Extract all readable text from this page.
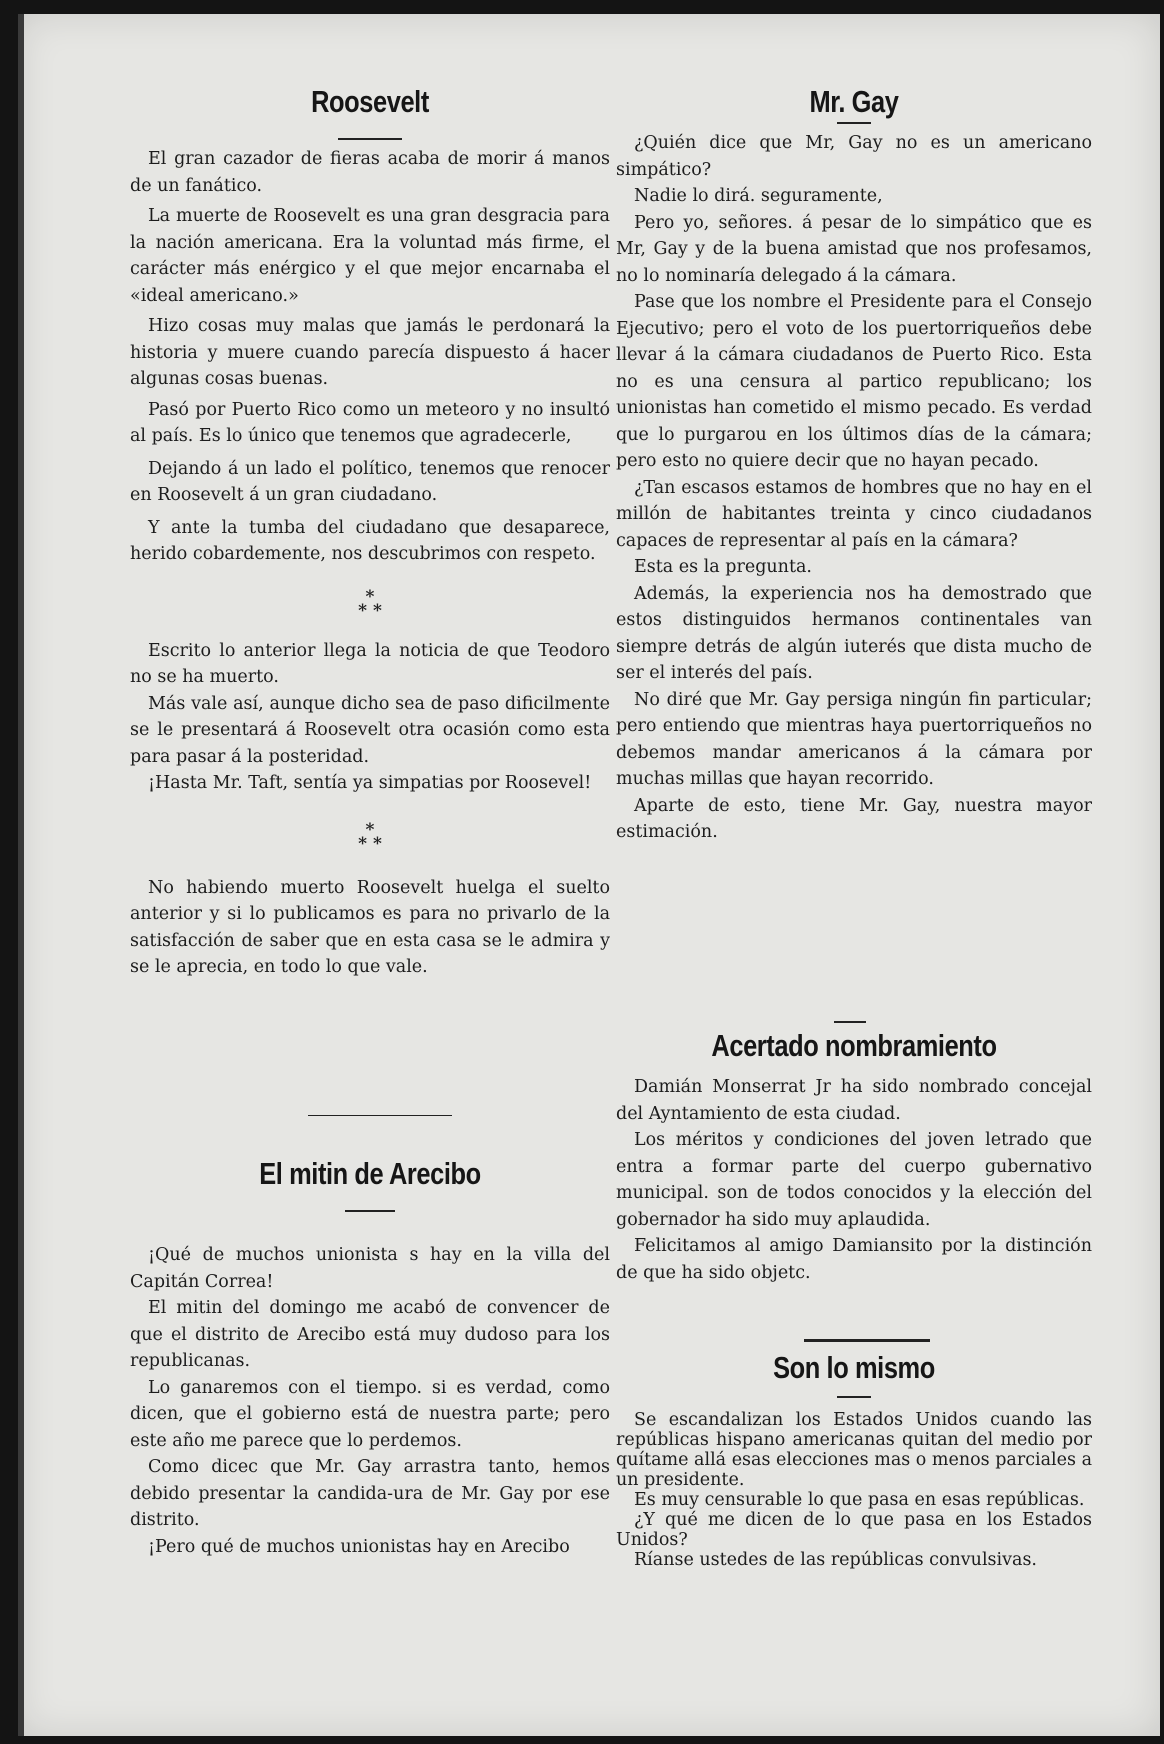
Roosevelt

El gran cazador de fieras acaba de morir á manos de un fanático.

La muerte de Roosevelt es una gran desgracia para la nación americana. Era la voluntad más firme, el carácter más enérgico y el que mejor encarnaba el «ideal americano.»

Hizo cosas muy malas que jamás le perdonará la historia y muere cuando parecía dispuesto á hacer algunas cosas buenas.

Pasó por Puerto Rico como un meteoro y no insultó al país. Es lo único que tenemos que agradecerle,

Dejando á un lado el político, tenemos que renocer en Roosevelt á un gran ciudadano.

Y ante la tumba del ciudadano que desaparece, herido cobardemente, nos descubrimos con respeto.

*
* *

Escrito lo anterior llega la noticia de que Teodoro no se ha muerto.

Más vale así, aunque dicho sea de paso dificilmente se le presentará á Roosevelt otra ocasión como esta para pasar á la posteridad.

¡Hasta Mr. Taft, sentía ya simpatias por Roosevel!

*
* *

No habiendo muerto Roosevelt huelga el suelto anterior y si lo publicamos es para no privarlo de la satisfacción de saber que en esta casa se le admira y se le aprecia, en todo lo que vale.

El mitin de Arecibo

¡Qué de muchos unionista s hay en la villa del Capitán Correa!

El mitin del domingo me acabó de convencer de que el distrito de Arecibo está muy dudoso para los republicanas.

Lo ganaremos con el tiempo. si es verdad, como dicen, que el gobierno está de nuestra parte; pero este año me parece que lo perdemos.

Como dicec que Mr. Gay arrastra tanto, hemos debido presentar la candida-ura de Mr. Gay por ese distrito.

¡Pero qué de muchos unionistas hay en Arecibo

Mr. Gay

¿Quién dice que Mr, Gay no es un americano simpático?

Nadie lo dirá. seguramente,

Pero yo, señores. á pesar de lo simpático que es Mr, Gay y de la buena amistad que nos profesamos, no lo nominaría delegado á la cámara.

Pase que los nombre el Presidente para el Consejo Ejecutivo; pero el voto de los puertorriqueños debe llevar á la cámara ciudadanos de Puerto Rico. Esta no es una censura al partico republicano; los unionistas han cometido el mismo pecado. Es verdad que lo purgarou en los últimos días de la cámara; pero esto no quiere decir que no hayan pecado.

¿Tan escasos estamos de hombres que no hay en el millón de habitantes treinta y cinco ciudadanos capaces de representar al país en la cámara?

Esta es la pregunta.

Además, la experiencia nos ha demostrado que estos distinguidos hermanos continentales van siempre detrás de algún iuterés que dista mucho de ser el interés del país.

No diré que Mr. Gay persiga ningún fin particular; pero entiendo que mientras haya puertorriqueños no debemos mandar americanos á la cámara por muchas millas que hayan recorrido.

Aparte de esto, tiene Mr. Gay, nuestra mayor estimación.

Acertado nombramiento

Damián Monserrat Jr ha sido nombrado concejal del Ayntamiento de esta ciudad.

Los méritos y condiciones del joven letrado que entra a formar parte del cuerpo gubernativo municipal. son de todos conocidos y la elección del gobernador ha sido muy aplaudida.

Felicitamos al amigo Damiansito por la distinción de que ha sido objetc.

Son lo mismo

Se escandalizan los Estados Unidos cuando las repúblicas hispano americanas quitan del medio por quítame allá esas elecciones mas o menos parciales a un presidente.

Es muy censurable lo que pasa en esas repúblicas.

¿Y qué me dicen de lo que pasa en los Estados Unidos?

Ríanse ustedes de las repúblicas convulsivas.
